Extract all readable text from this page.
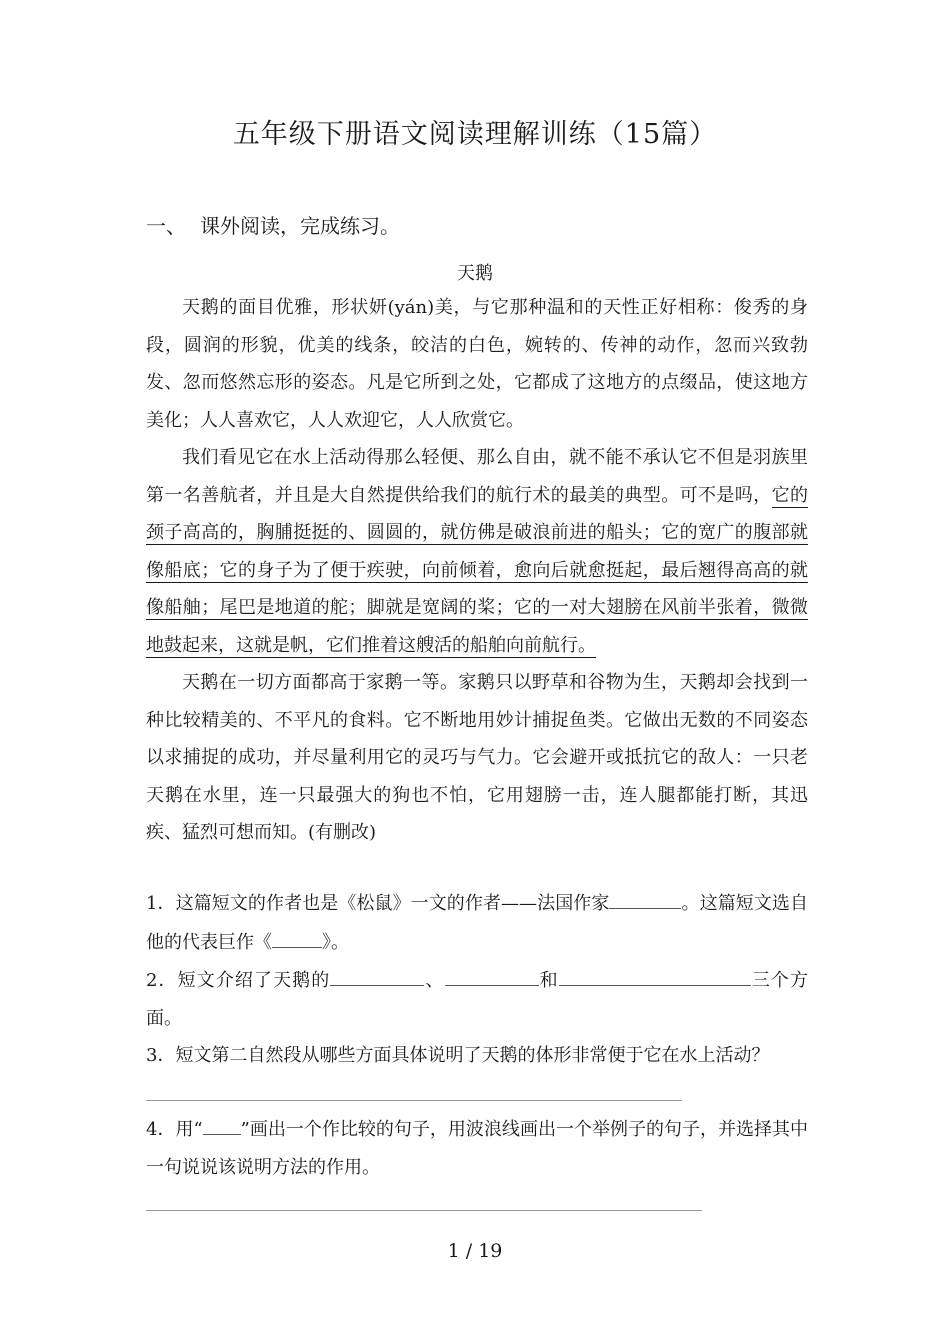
五年级下册语文阅读理解训练（15篇）
一、 课外阅读，完成练习。
天鹅

天鹅的面目优雅，形状妍(yán)美，与它那种温和的天性正好相称：俊秀的身段，圆润的形貌，优美的线条，皎洁的白色，婉转的、传神的动作，忽而兴致勃发、忽而悠然忘形的姿态。凡是它所到之处，它都成了这地方的点缀品，使这地方美化；人人喜欢它，人人欢迎它，人人欣赏它。

我们看见它在水上活动得那么轻便、那么自由，就不能不承认它不但是羽族里第一名善航者，并且是大自然提供给我们的航行术的最美的典型。可不是吗，它的颈子高高的，胸脯挺挺的、圆圆的，就仿佛是破浪前进的船头；它的宽广的腹部就像船底；它的身子为了便于疾驶，向前倾着，愈向后就愈挺起，最后翘得高高的就像船舳；尾巴是地道的舵；脚就是宽阔的桨；它的一对大翅膀在风前半张着，微微地鼓起来，这就是帆，它们推着这艘活的船舶向前航行。

天鹅在一切方面都高于家鹅一等。家鹅只以野草和谷物为生，天鹅却会找到一种比较精美的、不平凡的食料。它不断地用妙计捕捉鱼类。它做出无数的不同姿态以求捕捉的成功，并尽量利用它的灵巧与气力。它会避开或抵抗它的敌人：一只老天鹅在水里，连一只最强大的狗也不怕，它用翅膀一击，连人腿都能打断，其迅疾、猛烈可想而知。(有删改)

1．这篇短文的作者也是《松鼠》一文的作者——法国作家	。这篇短文选自他的代表巨作《	》。

2．短文介绍了天鹅的	、	和	三个方面。

3．短文第二自然段从哪些方面具体说明了天鹅的体形非常便于它在水上活动？

4．用“ ”画出一个作比较的句子，用波浪线画出一个举例子的句子，并选择其中一句说说该说明方法的作用。

1 / 19
